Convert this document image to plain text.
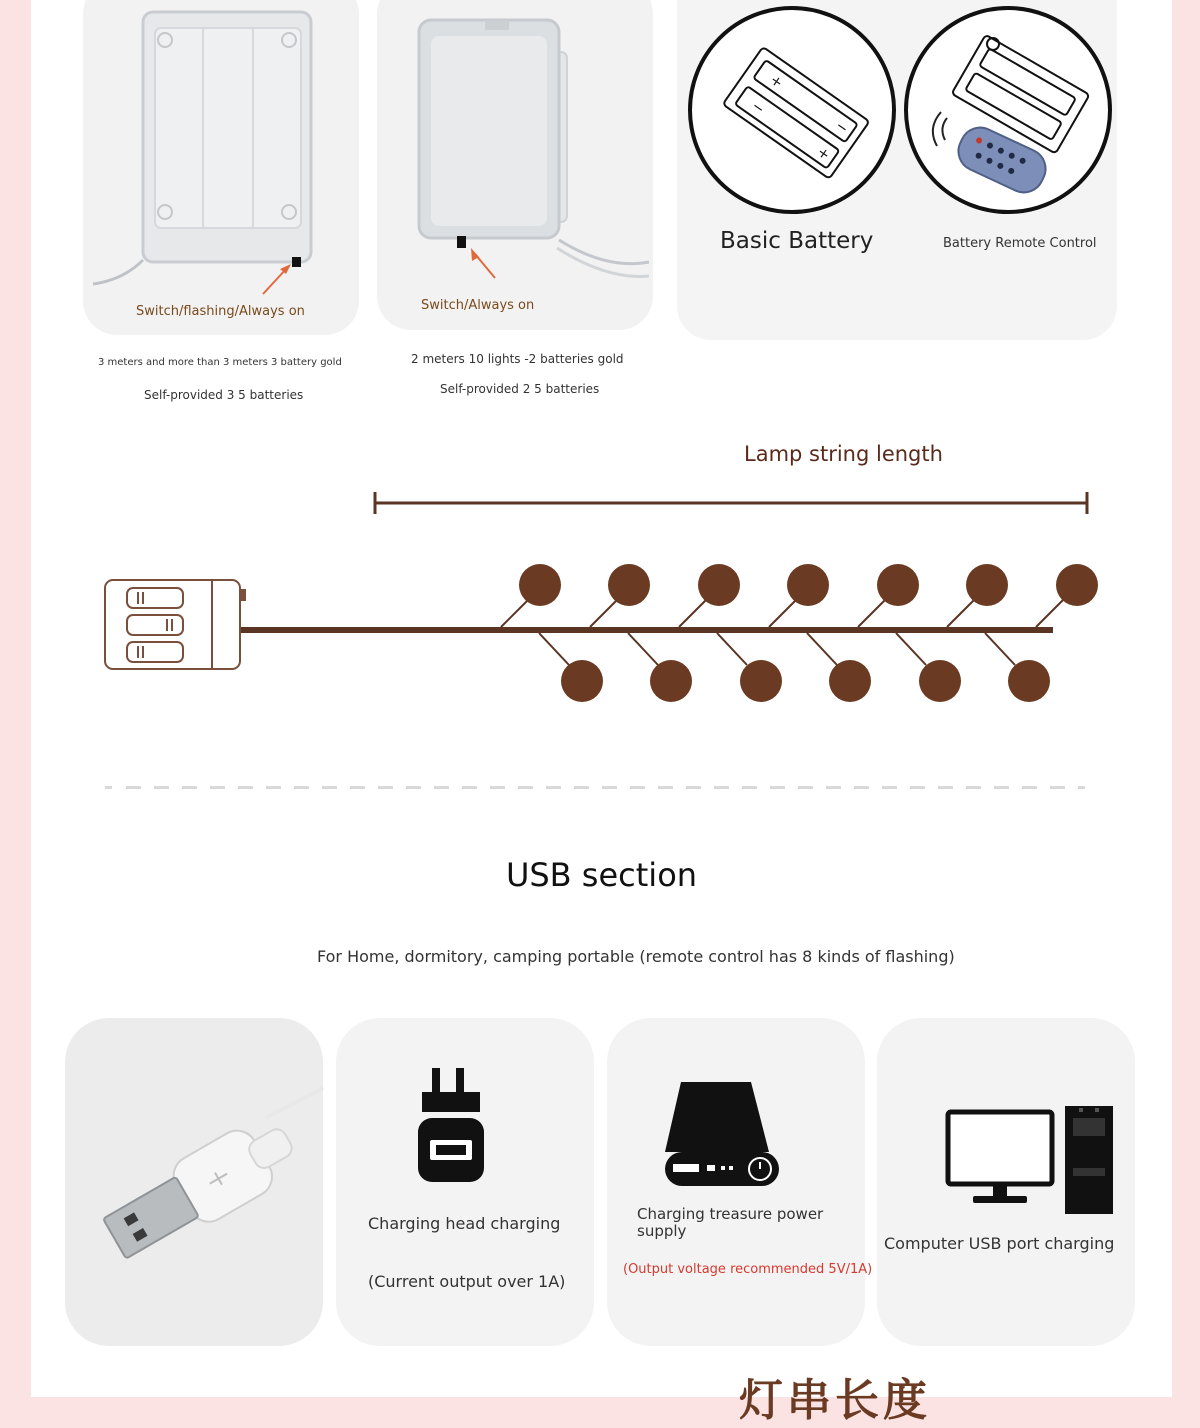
Switch/flashing/Always on
3 meters and more than 3 meters 3 battery gold
Self-provided 3 5 batteries
Switch/Always on
2 meters 10 lights -2 batteries gold
Self-provided 2 5 batteries
+
−
−
+
Basic Battery	Battery Remote Control
Lamp string length
USB section
For Home, dormitory, camping portable (remote control has 8 kinds of flashing)
Charging head charging
(Current output over 1A)
Charging treasure power supply
(Output voltage recommended 5V/1A)
Computer USB port charging
灯串长度
